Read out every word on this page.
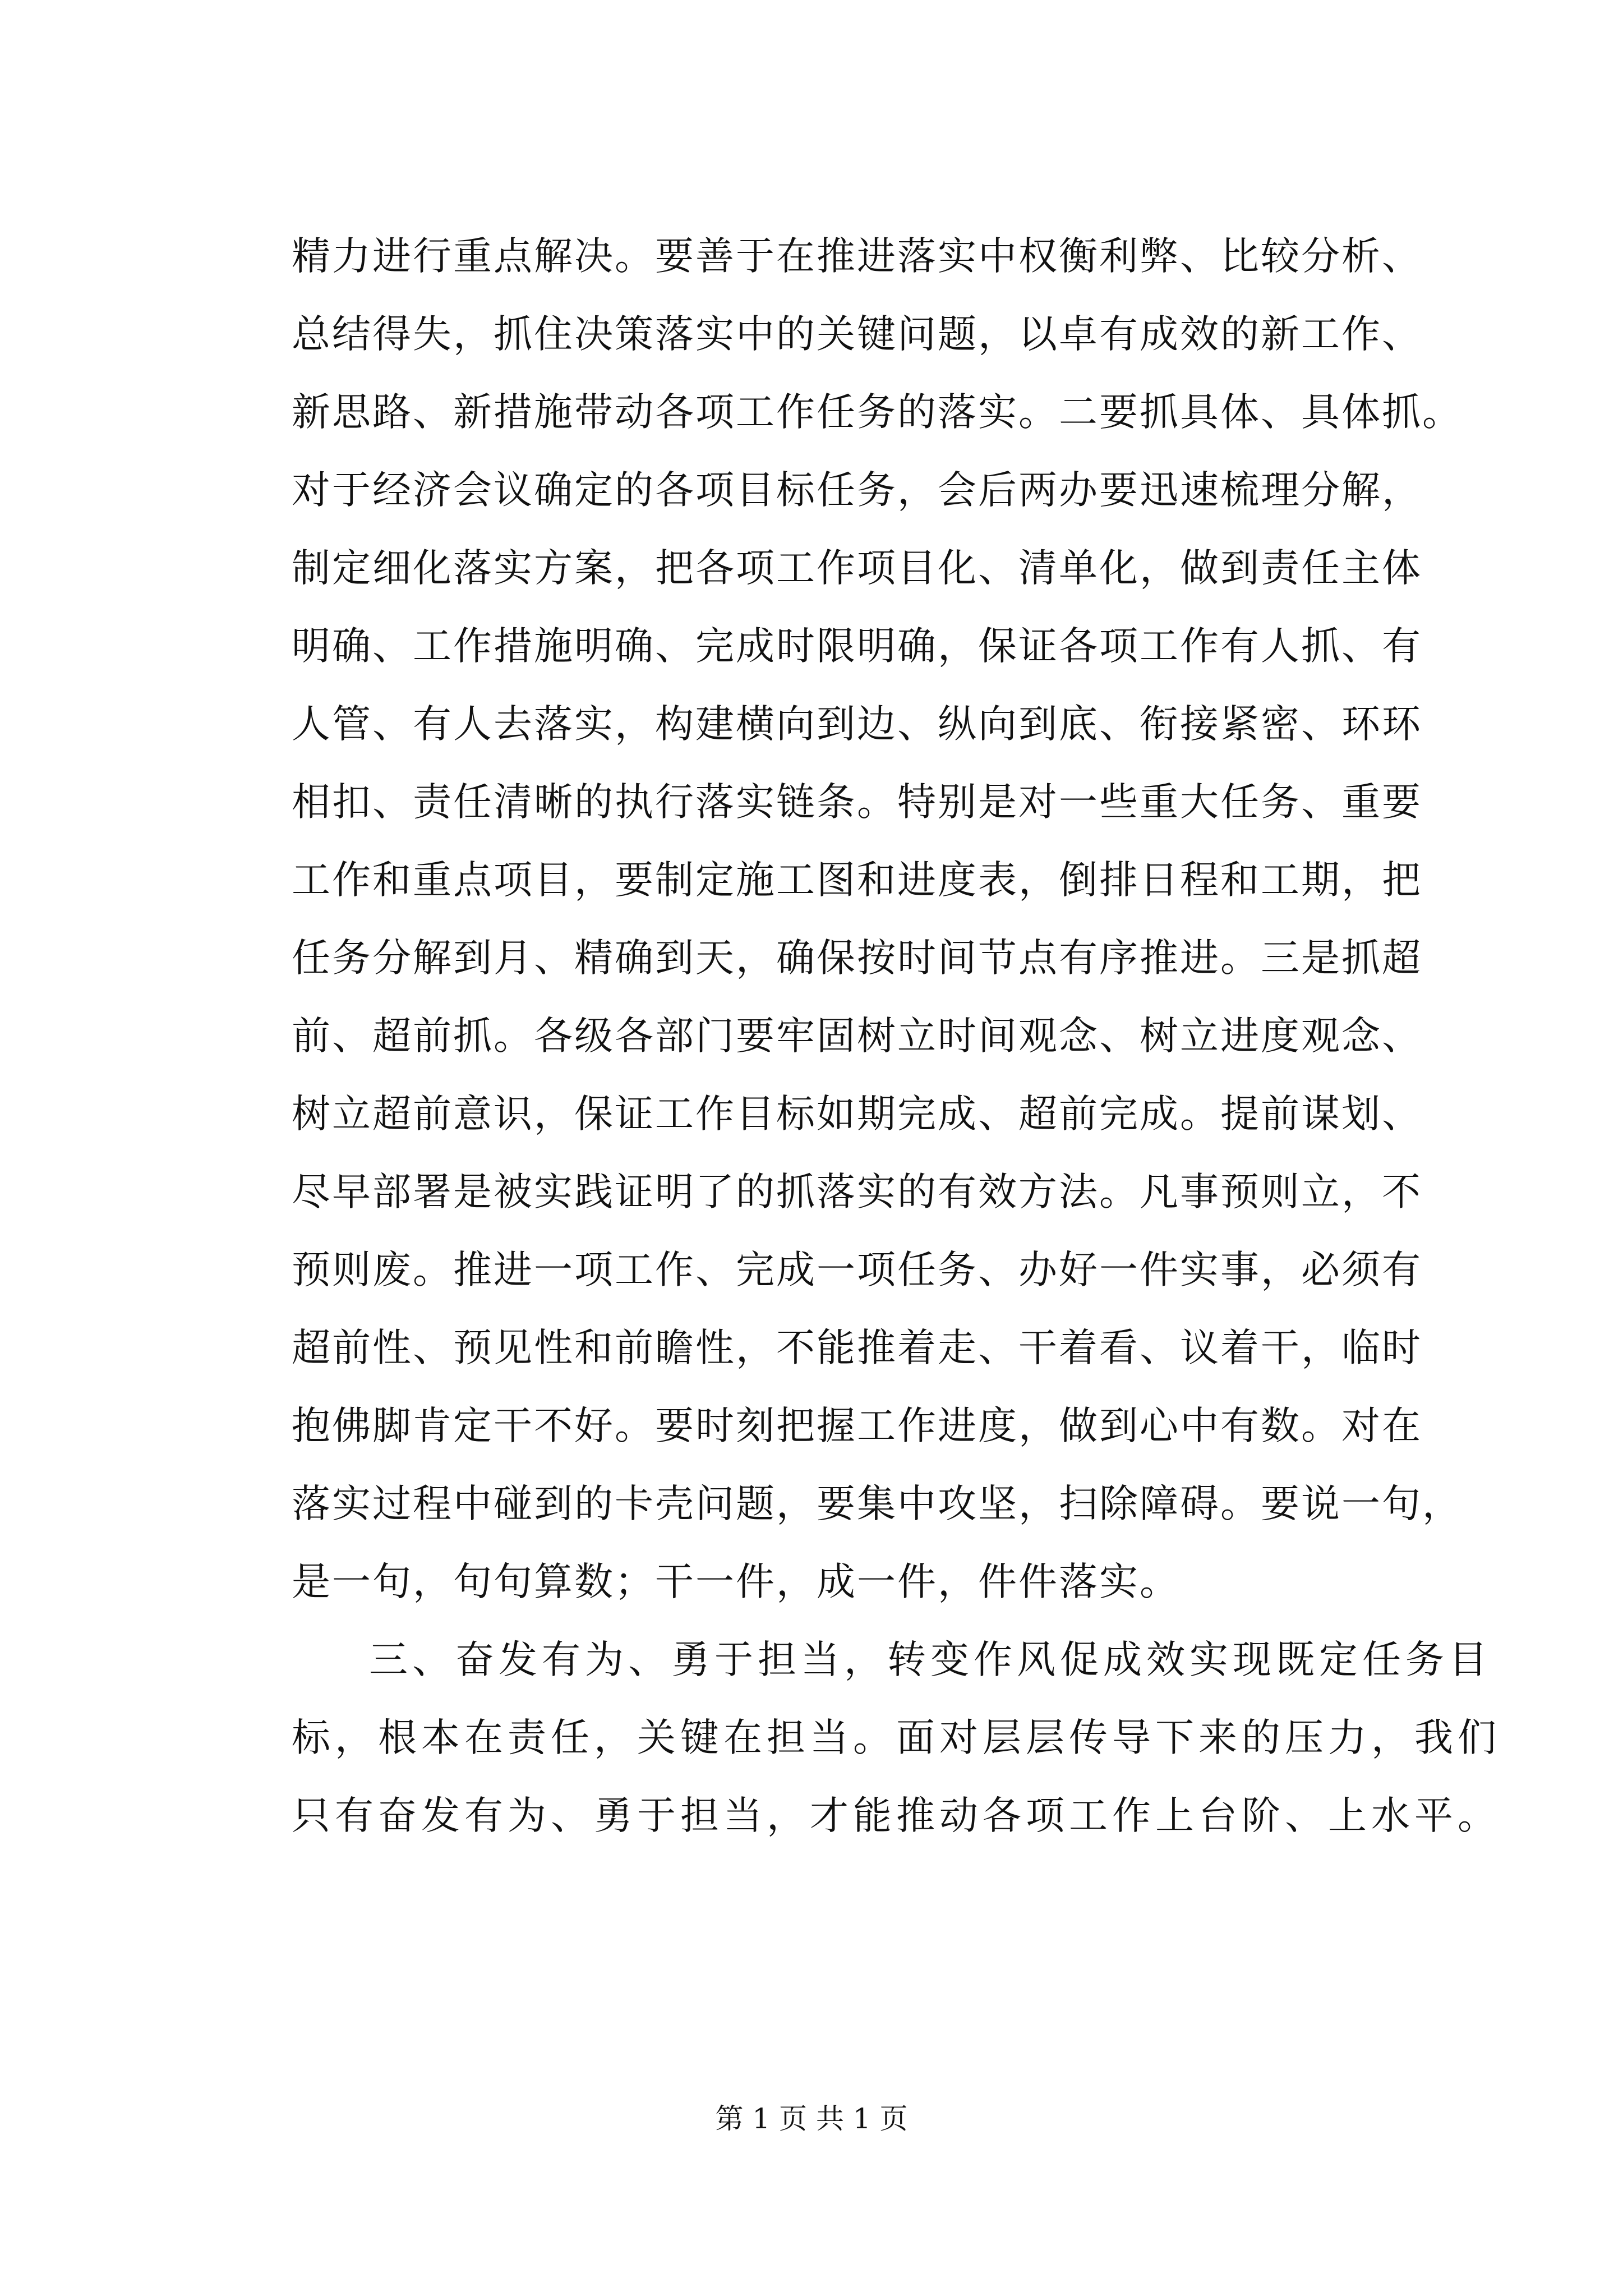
精力进行重点解决。要善于在推进落实中权衡利弊、比较分析、
总结得失，抓住决策落实中的关键问题，以卓有成效的新工作、
新思路、新措施带动各项工作任务的落实。二要抓具体、具体抓。
对于经济会议确定的各项目标任务，会后两办要迅速梳理分解，
制定细化落实方案，把各项工作项目化、清单化，做到责任主体
明确、工作措施明确、完成时限明确，保证各项工作有人抓、有
人管、有人去落实，构建横向到边、纵向到底、衔接紧密、环环
相扣、责任清晰的执行落实链条。特别是对一些重大任务、重要
工作和重点项目，要制定施工图和进度表，倒排日程和工期，把
任务分解到月、精确到天，确保按时间节点有序推进。三是抓超
前、超前抓。各级各部门要牢固树立时间观念、树立进度观念、
树立超前意识，保证工作目标如期完成、超前完成。提前谋划、
尽早部署是被实践证明了的抓落实的有效方法。凡事预则立，不
预则废。推进一项工作、完成一项任务、办好一件实事，必须有
超前性、预见性和前瞻性，不能推着走、干着看、议着干，临时
抱佛脚肯定干不好。要时刻把握工作进度，做到心中有数。对在
落实过程中碰到的卡壳问题，要集中攻坚，扫除障碍。要说一句，
是一句，句句算数；干一件，成一件，件件落实。
三、奋发有为、勇于担当，转变作风促成效实现既定任务目
标，根本在责任，关键在担当。面对层层传导下来的压力，我们
只有奋发有为、勇于担当，才能推动各项工作上台阶、上水平。
第 1 页 共 1 页
